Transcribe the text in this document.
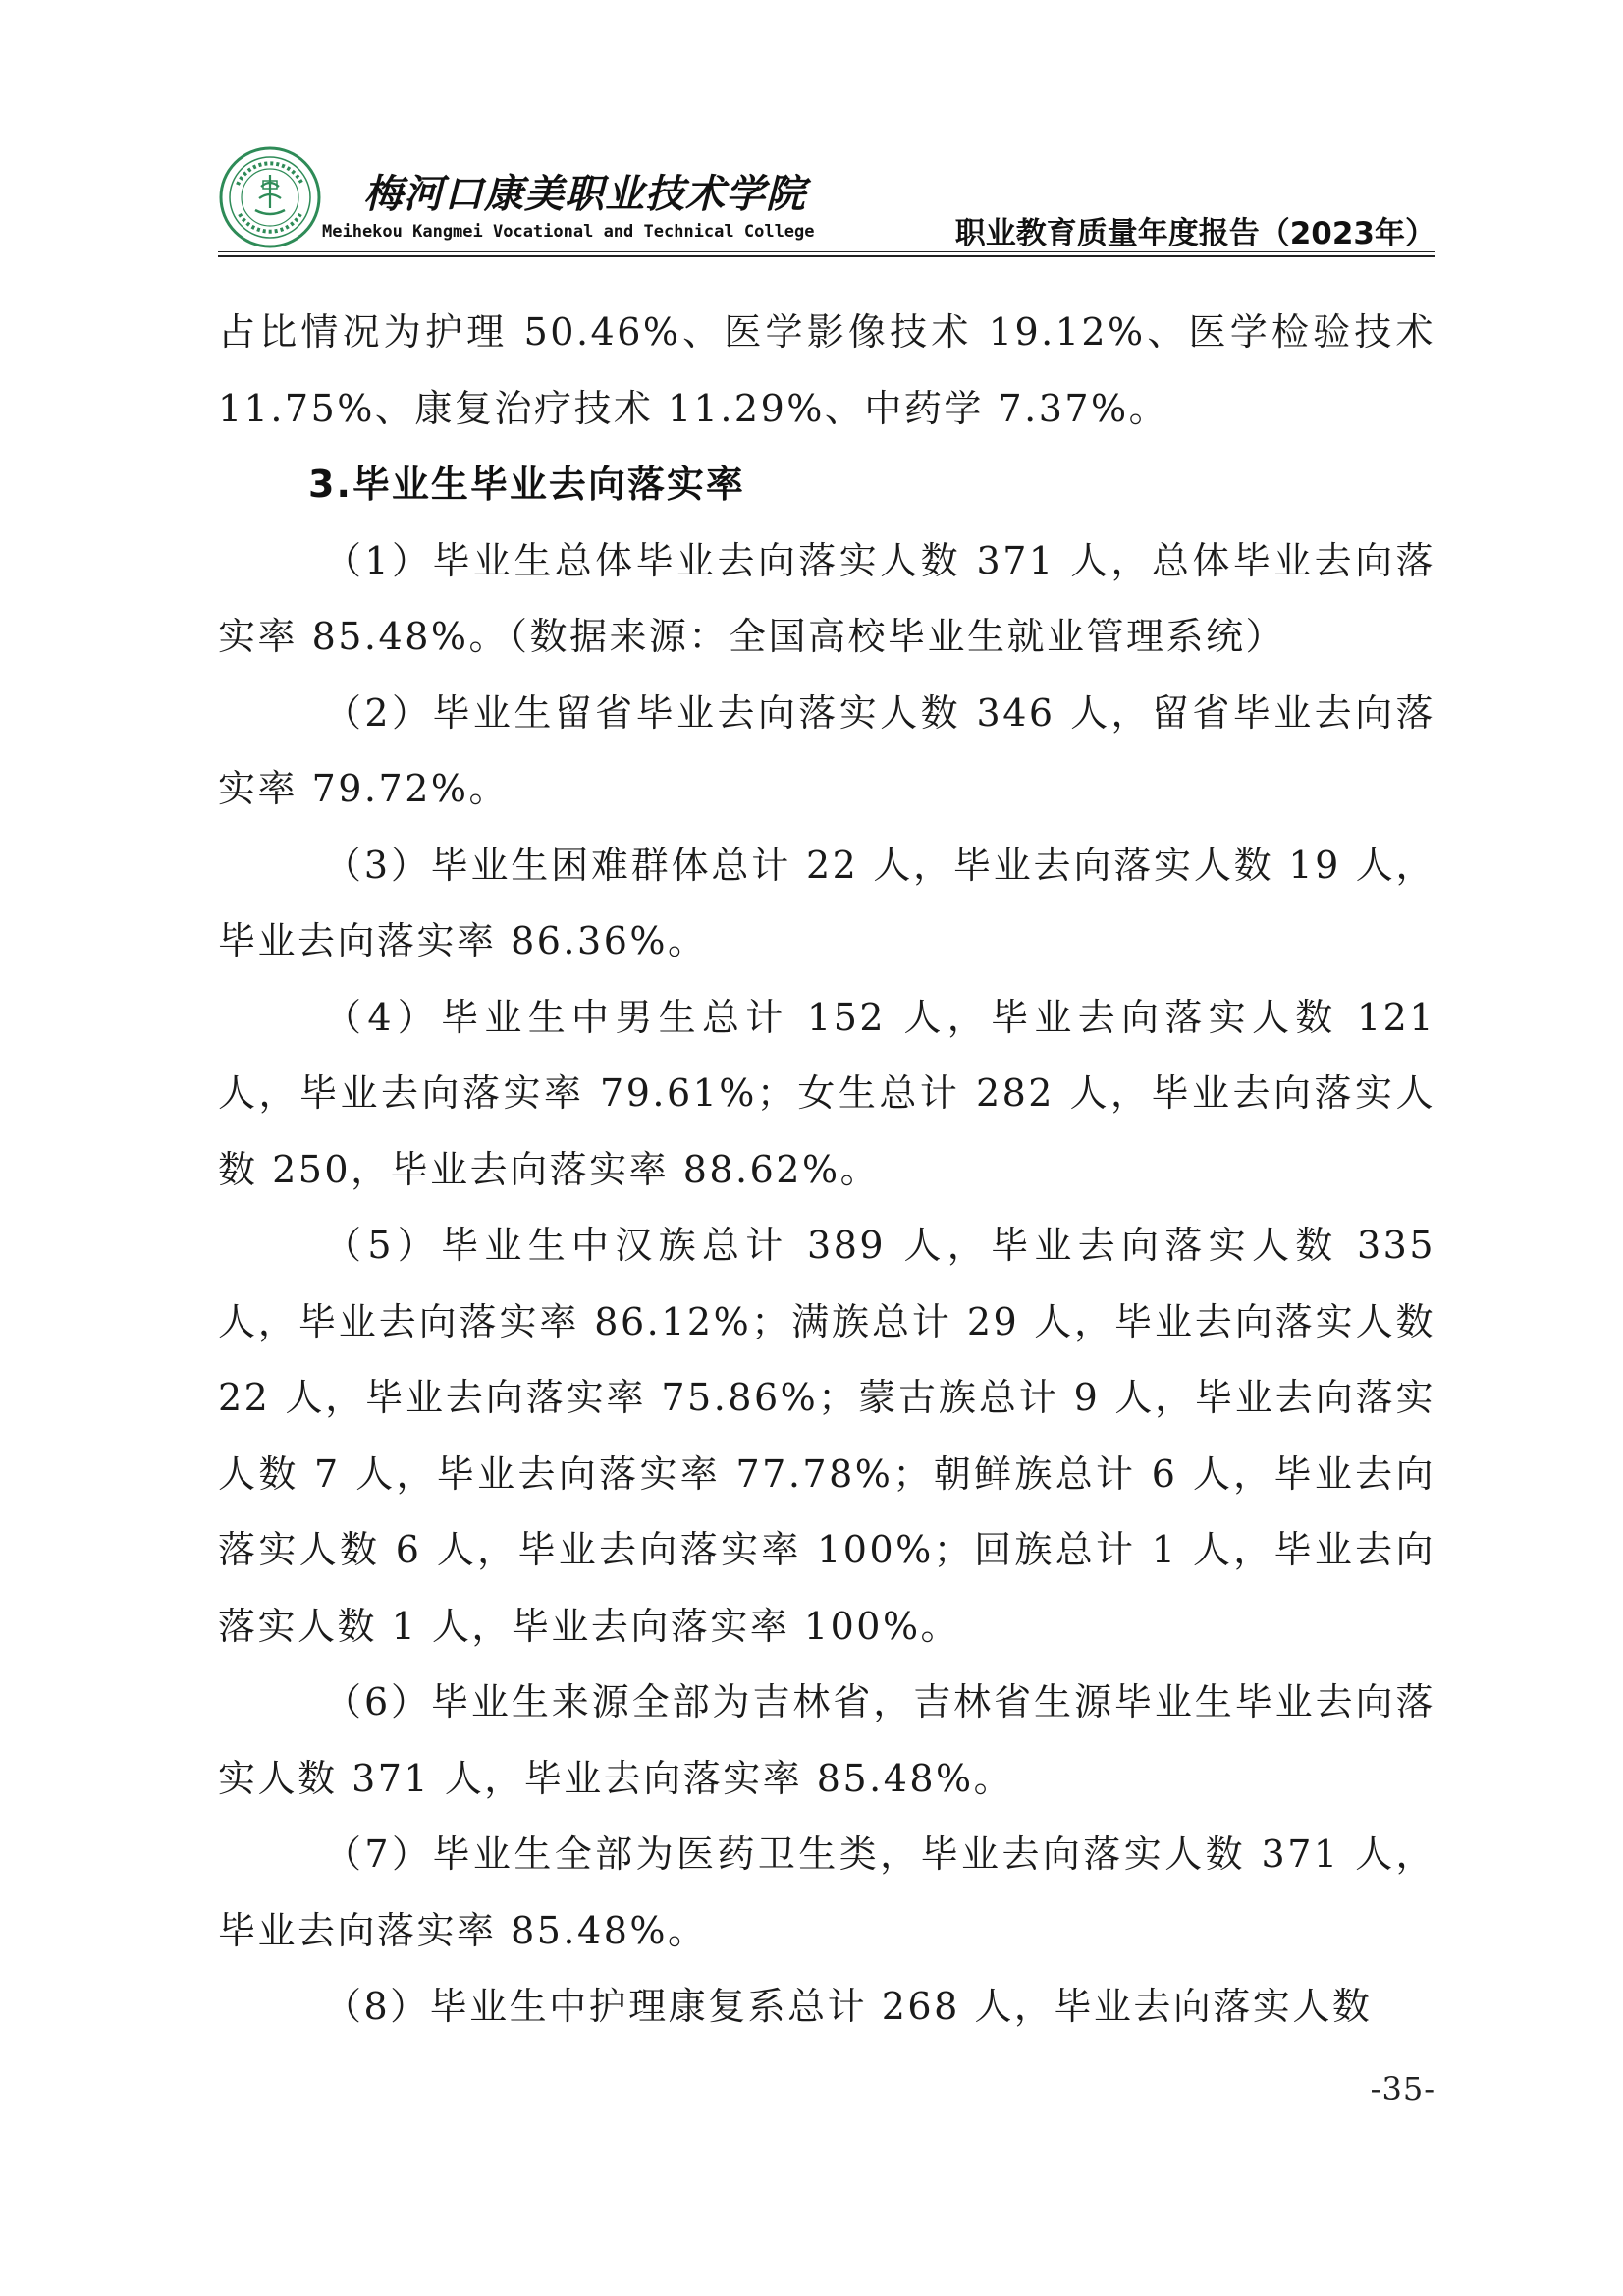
梅河口康美职业技术学院
Meihekou Kangmei Vocational and Technical College	职业教育质量年度报告（2023年）

占比情况为护理 50.46%、医学影像技术 19.12%、医学检验技术 11.75%、康复治疗技术 11.29%、中药学 7.37%。

3.毕业生毕业去向落实率

（1）毕业生总体毕业去向落实人数 371 人，总体毕业去向落实率 85.48%。（数据来源：全国高校毕业生就业管理系统）

（2）毕业生留省毕业去向落实人数 346 人，留省毕业去向落实率 79.72%。

（3）毕业生困难群体总计 22 人，毕业去向落实人数 19 人，毕业去向落实率 86.36%。

（4）毕业生中男生总计 152 人，毕业去向落实人数 121 人，毕业去向落实率 79.61%；女生总计 282 人，毕业去向落实人数 250，毕业去向落实率 88.62%。

（5）毕业生中汉族总计 389 人，毕业去向落实人数 335 人，毕业去向落实率 86.12%；满族总计 29 人，毕业去向落实人数 22 人，毕业去向落实率 75.86%；蒙古族总计 9 人，毕业去向落实人数 7 人，毕业去向落实率 77.78%；朝鲜族总计 6 人，毕业去向落实人数 6 人，毕业去向落实率 100%；回族总计 1 人，毕业去向落实人数 1 人，毕业去向落实率 100%。

（6）毕业生来源全部为吉林省，吉林省生源毕业生毕业去向落实人数 371 人，毕业去向落实率 85.48%。

（7）毕业生全部为医药卫生类，毕业去向落实人数 371 人，毕业去向落实率 85.48%。

（8）毕业生中护理康复系总计 268 人，毕业去向落实人数

-35-
